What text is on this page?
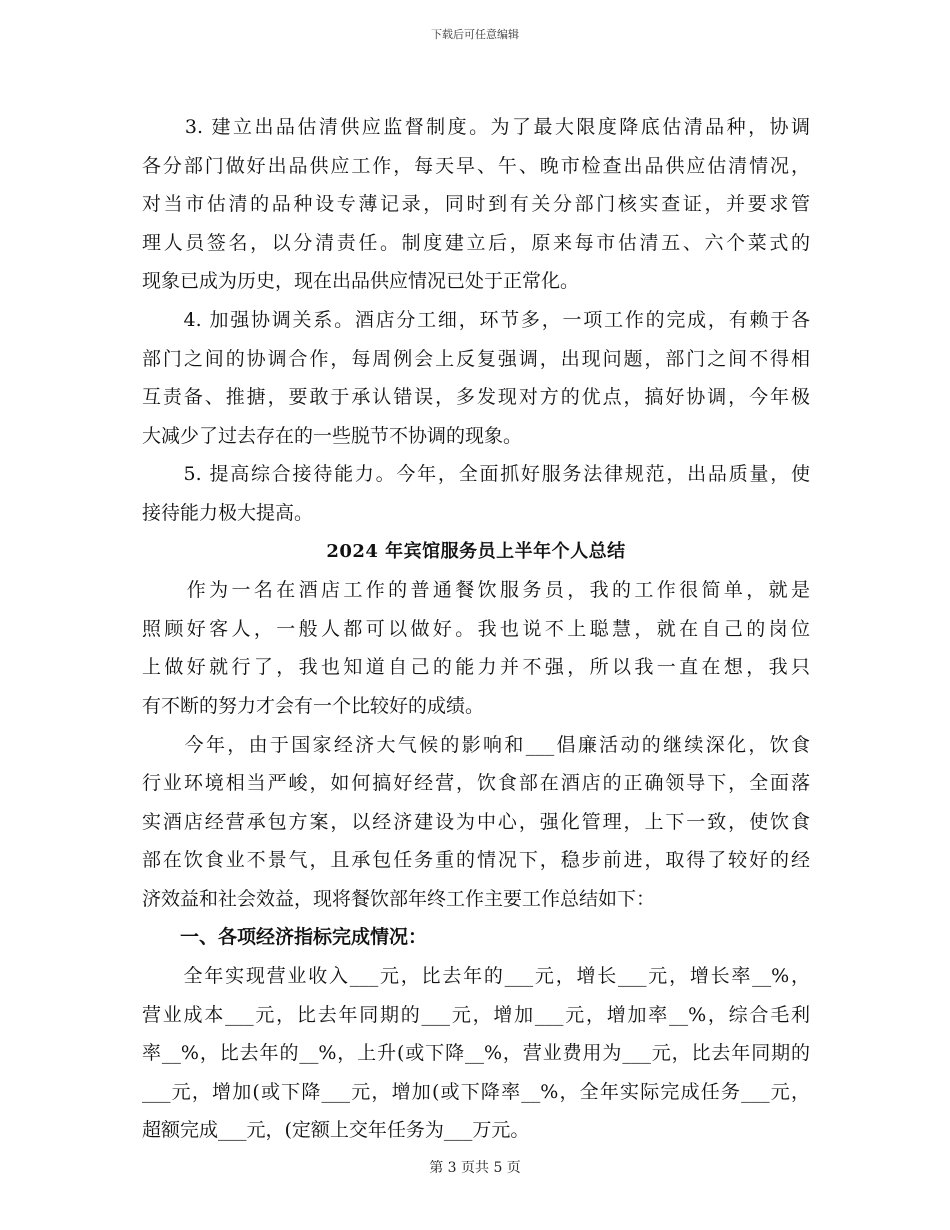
下载后可任意编辑
　　3. 建立出品估清供应监督制度。为了最大限度降底估清品种，协调
各分部门做好出品供应工作，每天早、午、晚市检查出品供应估清情况，
对当市估清的品种设专薄记录，同时到有关分部门核实查证，并要求管
理人员签名，以分清责任。制度建立后，原来每市估清五、六个菜式的
现象已成为历史，现在出品供应情况已处于正常化。
　　4. 加强协调关系。酒店分工细，环节多，一项工作的完成，有赖于各
部门之间的协调合作，每周例会上反复强调，出现问题，部门之间不得相
互责备、推搪，要敢于承认错误，多发现对方的优点，搞好协调，今年极
大减少了过去存在的一些脱节不协调的现象。
　　5. 提高综合接待能力。今年，全面抓好服务法律规范，出品质量，使
接待能力极大提高。
2024 年宾馆服务员上半年个人总结
　　作为一名在酒店工作的普通餐饮服务员，我的工作很简单，就是
照顾好客人，一般人都可以做好。我也说不上聪慧，就在自己的岗位
上做好就行了，我也知道自己的能力并不强，所以我一直在想，我只
有不断的努力才会有一个比较好的成绩。
　　今年，由于国家经济大气候的影响和___倡廉活动的继续深化，饮食
行业环境相当严峻，如何搞好经营，饮食部在酒店的正确领导下，全面落
实酒店经营承包方案，以经济建设为中心，强化管理，上下一致，使饮食
部在饮食业不景气，且承包任务重的情况下，稳步前进，取得了较好的经
济效益和社会效益，现将餐饮部年终工作主要工作总结如下：
　　一、各项经济指标完成情况：
　　全年实现营业收入___元，比去年的___元，增长___元，增长率__%，
营业成本___元，比去年同期的___元，增加___元，增加率__%，综合毛利
率__%，比去年的__%，上升(或下降__%，营业费用为___元，比去年同期的
___元，增加(或下降___元，增加(或下降率__%，全年实际完成任务___元，
超额完成___元，(定额上交年任务为___万元。
第 3 页共 5 页
